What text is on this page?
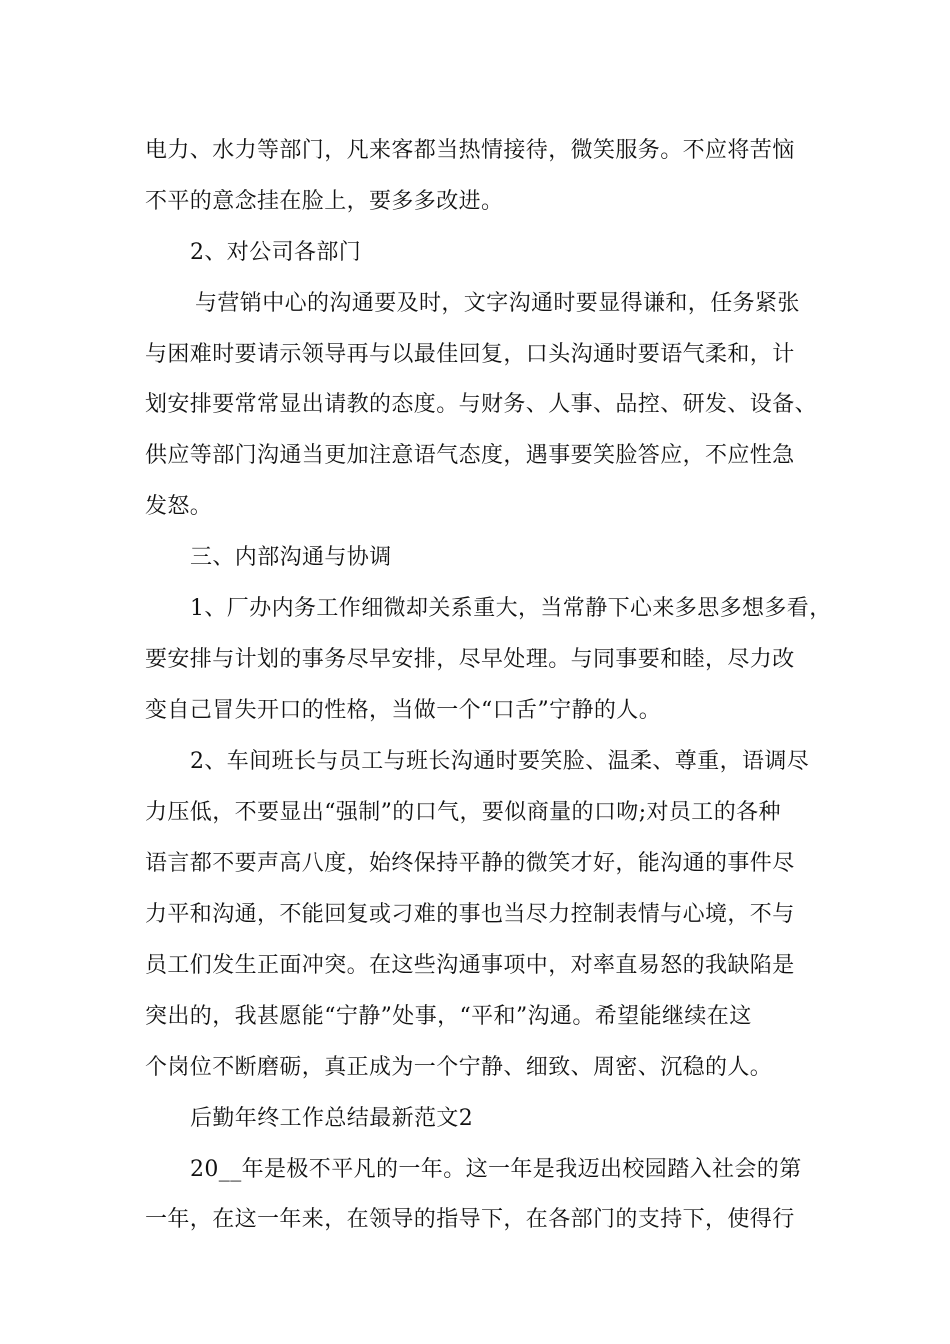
电力、水力等部门，凡来客都当热情接待，微笑服务。不应将苦恼
不平的意念挂在脸上，要多多改进。
2、对公司各部门
与营销中心的沟通要及时，文字沟通时要显得谦和，任务紧张
与困难时要请示领导再与以最佳回复，口头沟通时要语气柔和，计
划安排要常常显出请教的态度。与财务、人事、品控、研发、设备、
供应等部门沟通当更加注意语气态度，遇事要笑脸答应，不应性急
发怒。
三、内部沟通与协调
1、厂办内务工作细微却关系重大，当常静下心来多思多想多看，
要安排与计划的事务尽早安排，尽早处理。与同事要和睦，尽力改
变自己冒失开口的性格，当做一个“口舌”宁静的人。
2、车间班长与员工与班长沟通时要笑脸、温柔、尊重，语调尽
力压低，不要显出“强制”的口气，要似商量的口吻;对员工的各种
语言都不要声高八度，始终保持平静的微笑才好，能沟通的事件尽
力平和沟通，不能回复或刁难的事也当尽力控制表情与心境，不与
员工们发生正面冲突。在这些沟通事项中，对率直易怒的我缺陷是
突出的，我甚愿能“宁静”处事，“平和”沟通。希望能继续在这
个岗位不断磨砺，真正成为一个宁静、细致、周密、沉稳的人。
后勤年终工作总结最新范文2
20__年是极不平凡的一年。这一年是我迈出校园踏入社会的第
一年，在这一年来，在领导的指导下，在各部门的支持下，使得行
